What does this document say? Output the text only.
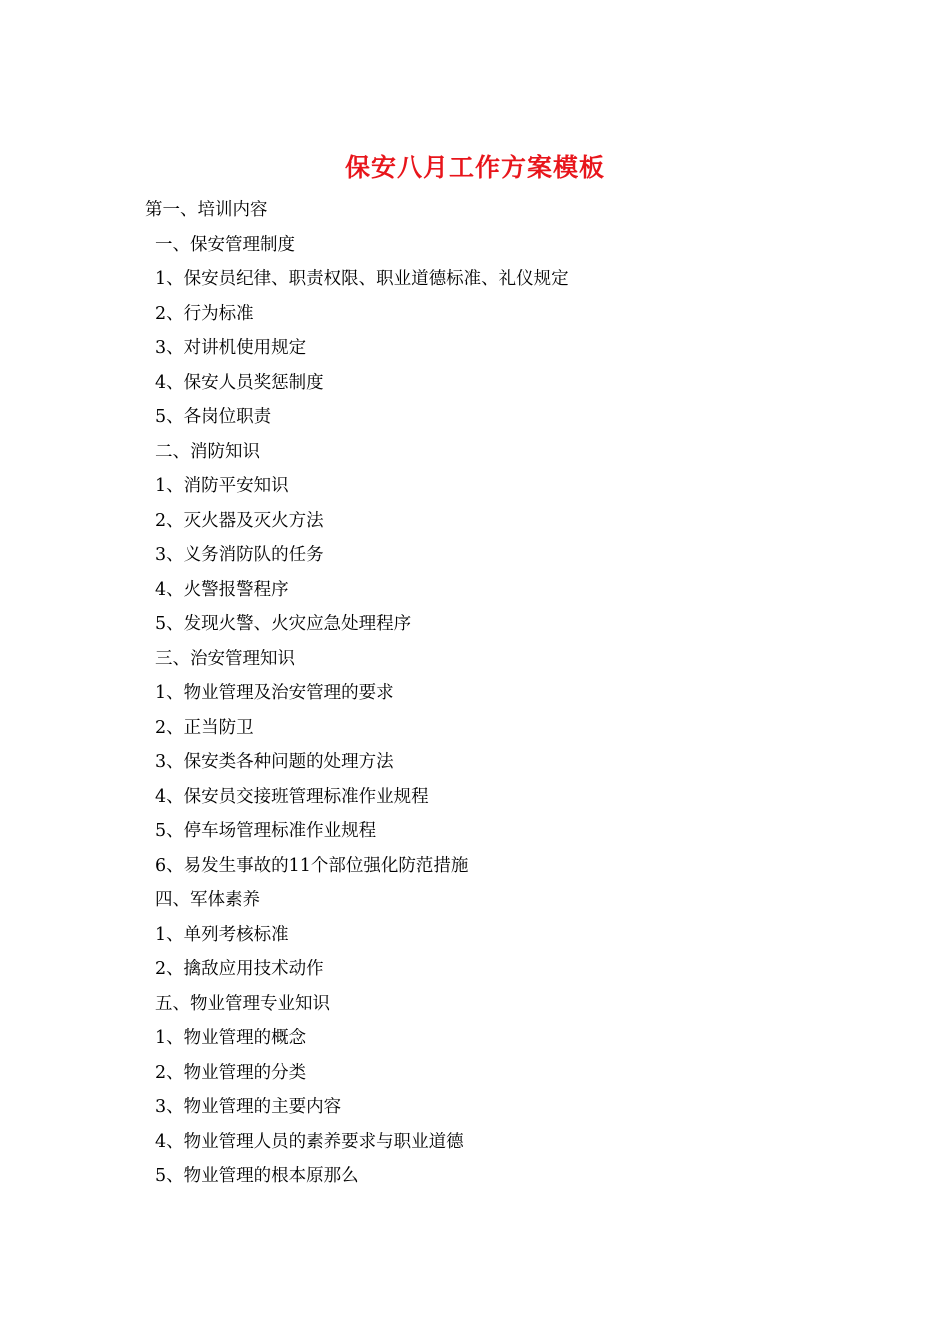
保安八月工作方案模板
第一、培训内容
一、保安管理制度
1、保安员纪律、职责权限、职业道德标准、礼仪规定
2、行为标准
3、对讲机使用规定
4、保安人员奖惩制度
5、各岗位职责
二、消防知识
1、消防平安知识
2、灭火器及灭火方法
3、义务消防队的任务
4、火警报警程序
5、发现火警、火灾应急处理程序
三、治安管理知识
1、物业管理及治安管理的要求
2、正当防卫
3、保安类各种问题的处理方法
4、保安员交接班管理标准作业规程
5、停车场管理标准作业规程
6、易发生事故的11个部位强化防范措施
四、军体素养
1、单列考核标准
2、擒敌应用技术动作
五、物业管理专业知识
1、物业管理的概念
2、物业管理的分类
3、物业管理的主要内容
4、物业管理人员的素养要求与职业道德
5、物业管理的根本原那么
